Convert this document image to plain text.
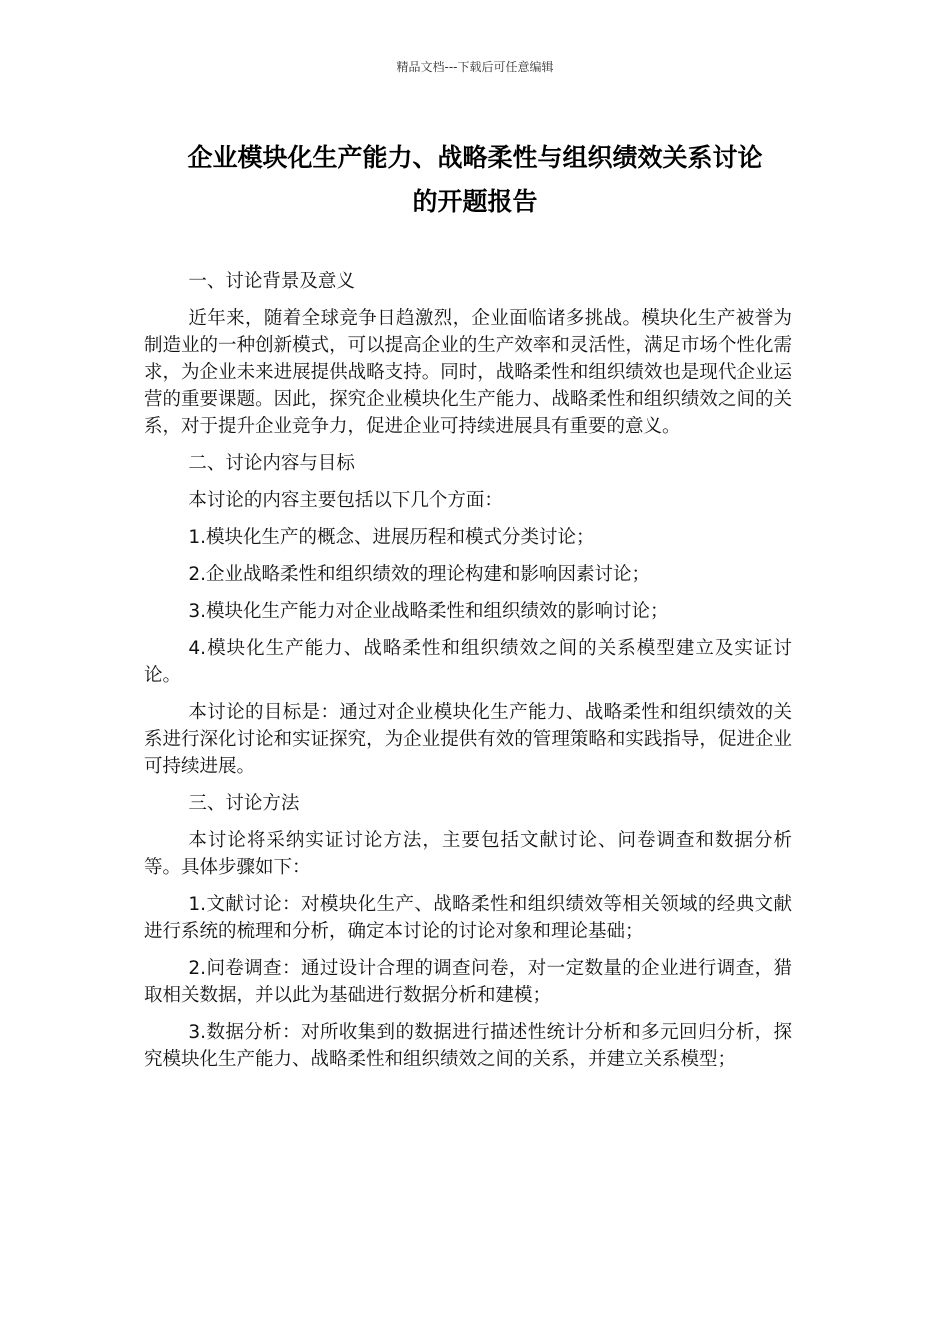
精品文档---下载后可任意编辑
企业模块化生产能力、战略柔性与组织绩效关系讨论
的开题报告

一、讨论背景及意义

近年来，随着全球竞争日趋激烈，企业面临诸多挑战。模块化生产被誉为制造业的一种创新模式，可以提高企业的生产效率和灵活性，满足市场个性化需求，为企业未来进展提供战略支持。同时，战略柔性和组织绩效也是现代企业运营的重要课题。因此，探究企业模块化生产能力、战略柔性和组织绩效之间的关系，对于提升企业竞争力，促进企业可持续进展具有重要的意义。

二、讨论内容与目标

本讨论的内容主要包括以下几个方面：

1.模块化生产的概念、进展历程和模式分类讨论；

2.企业战略柔性和组织绩效的理论构建和影响因素讨论；

3.模块化生产能力对企业战略柔性和组织绩效的影响讨论；

4.模块化生产能力、战略柔性和组织绩效之间的关系模型建立及实证讨论。

本讨论的目标是：通过对企业模块化生产能力、战略柔性和组织绩效的关系进行深化讨论和实证探究，为企业提供有效的管理策略和实践指导，促进企业可持续进展。

三、讨论方法

本讨论将采纳实证讨论方法，主要包括文献讨论、问卷调查和数据分析等。具体步骤如下：

1.文献讨论：对模块化生产、战略柔性和组织绩效等相关领域的经典文献进行系统的梳理和分析，确定本讨论的讨论对象和理论基础；

2.问卷调查：通过设计合理的调查问卷，对一定数量的企业进行调查，猎取相关数据，并以此为基础进行数据分析和建模；

3.数据分析：对所收集到的数据进行描述性统计分析和多元回归分析，探究模块化生产能力、战略柔性和组织绩效之间的关系，并建立关系模型；
